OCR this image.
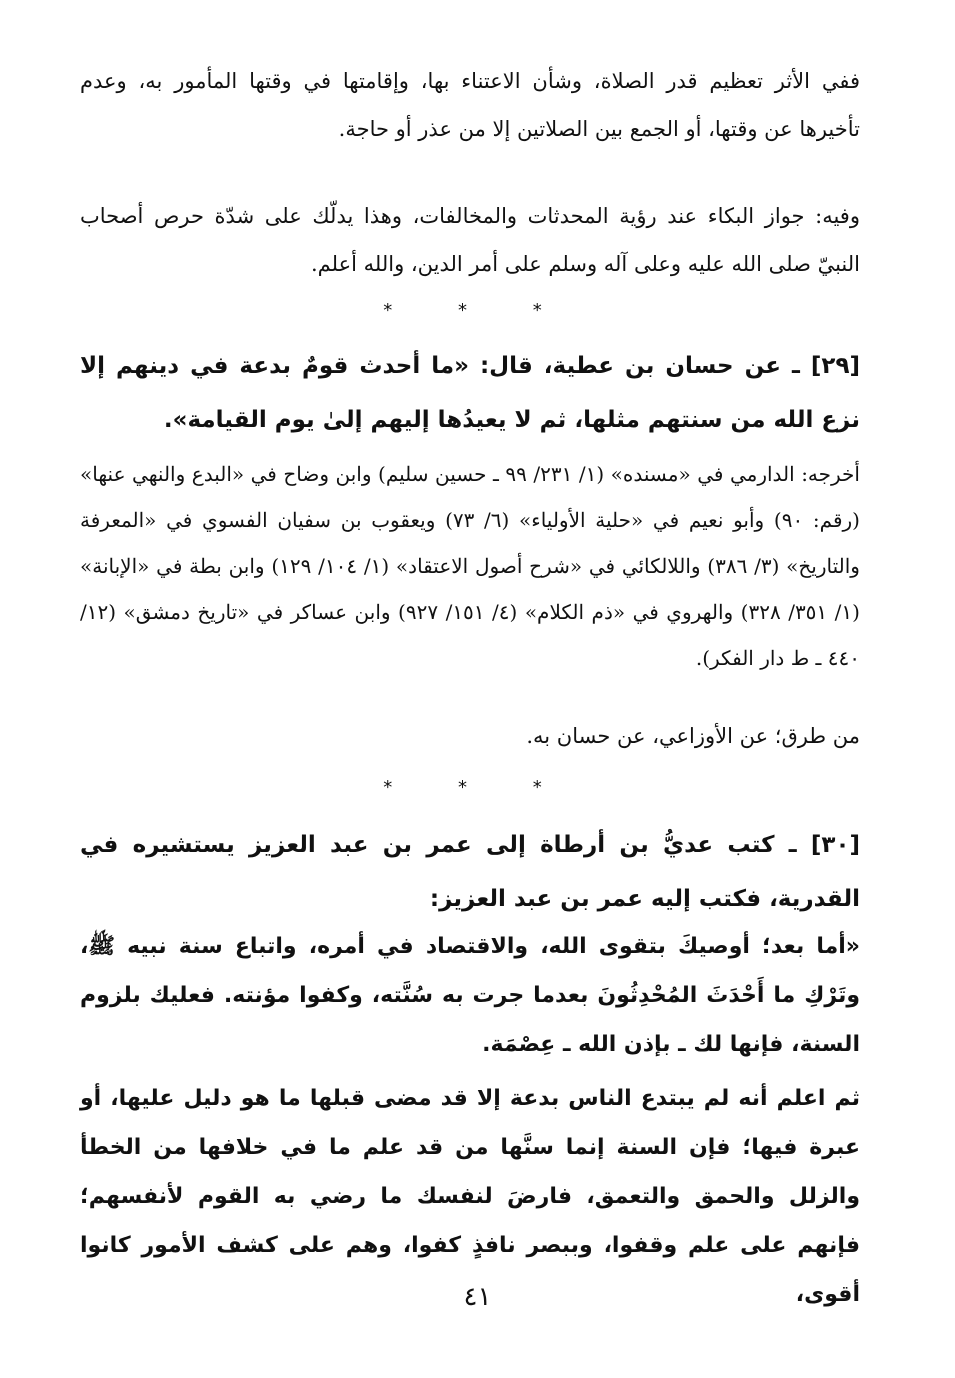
ففي الأثر تعظيم قدر الصلاة، وشأن الاعتناء بها، وإقامتها في وقتها المأمور به، وعدم تأخيرها عن وقتها، أو الجمع بين الصلاتين إلا من عذر أو حاجة.

وفيه: جواز البكاء عند رؤية المحدثات والمخالفات، وهذا يدلّك على شدّة حرص أصحاب النبيّ صلى الله عليه وعلى آله وسلم على أمر الدين، والله أعلم.

* * *

[٢٩] ـ عن حسان بن عطية، قال: «ما أحدث قومٌ بدعة في دينهم إلا نزع الله من سنتهم مثلها، ثم لا يعيدُها إليهم إلىٰ يوم القيامة».

أخرجه: الدارمي في «مسنده» (١/ ٢٣١/ ٩٩ ـ حسين سليم) وابن وضاح في «البدع والنهي عنها» (رقم: ٩٠) وأبو نعيم في «حلية الأولياء» (٦/ ٧٣) ويعقوب بن سفيان الفسوي في «المعرفة والتاريخ» (٣/ ٣٨٦) واللالكائي في «شرح أصول الاعتقاد» (١/ ١٠٤/ ١٢٩) وابن بطة في «الإبانة» (١/ ٣٥١/ ٣٢٨) والهروي في «ذم الكلام» (٤/ ١٥١/ ٩٢٧) وابن عساكر في «تاريخ دمشق» (١٢/ ٤٤٠ ـ ط دار الفكر).

من طرق؛ عن الأوزاعي، عن حسان به.

* * *

[٣٠] ـ كتب عديُّ بن أرطاة إلى عمر بن عبد العزيز يستشيره في القدرية، فكتب إليه عمر بن عبد العزيز:

«أما بعد؛ أوصيكَ بتقوى الله، والاقتصاد في أمره، واتباع سنة نبيه ﷺ، وتَرْكِ ما أَحْدَثَ المُحْدِثُونَ بعدما جرت به سُنَّته، وكفوا مؤنته. فعليك بلزوم السنة، فإنها لك ـ بإذن الله ـ عِصْمَة.

ثم اعلم أنه لم يبتدع الناس بدعة إلا قد مضى قبلها ما هو دليل عليها، أو عبرة فيها؛ فإن السنة إنما سنَّها من قد علم ما في خلافها من الخطأ والزلل والحمق والتعمق، فارضَ لنفسك ما رضي به القوم لأنفسهم؛ فإنهم على علم وقفوا، وببصر نافذٍ كفوا، وهم على كشف الأمور كانوا أقوى،

٤١
